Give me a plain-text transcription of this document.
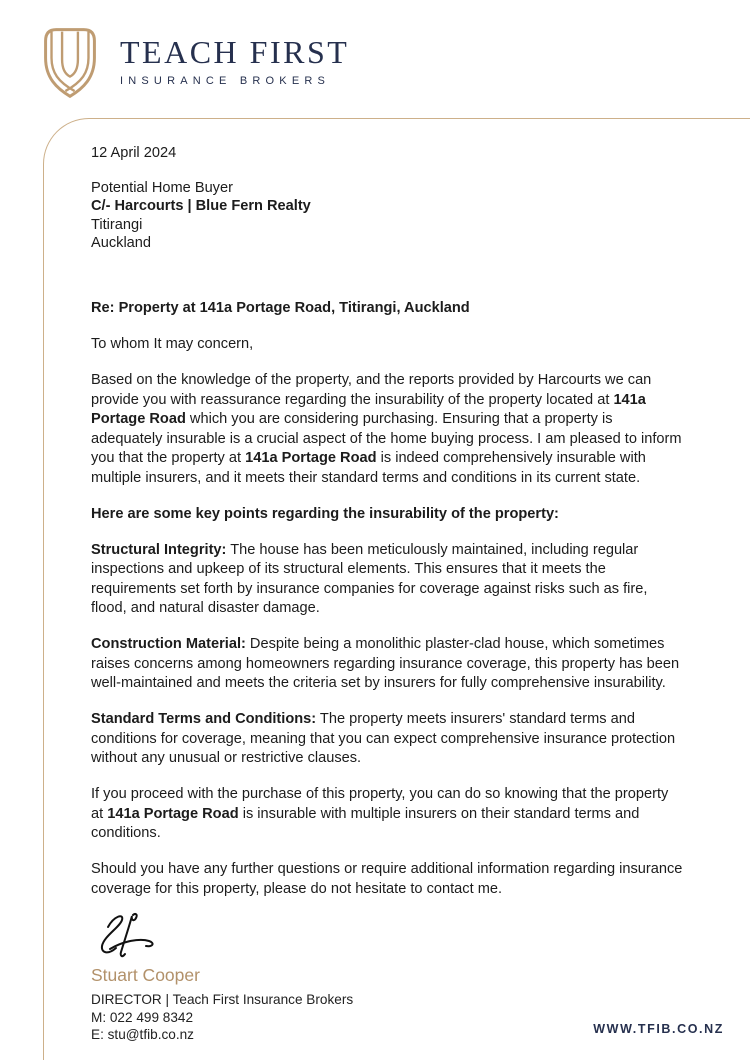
TEACH FIRST
INSURANCE BROKERS
12 April 2024
Potential Home Buyer
C/- Harcourts | Blue Fern Realty
Titirangi
Auckland
Re: Property at 141a Portage Road, Titirangi, Auckland
To whom It may concern,

Based on the knowledge of the property, and the reports provided by Harcourts we can provide you with reassurance regarding the insurability of the property located at 141a Portage Road which you are considering purchasing. Ensuring that a property is adequately insurable is a crucial aspect of the home buying process. I am pleased to inform you that the property at 141a Portage Road is indeed comprehensively insurable with multiple insurers, and it meets their standard terms and conditions in its current state.

Here are some key points regarding the insurability of the property:

Structural Integrity: The house has been meticulously maintained, including regular inspections and upkeep of its structural elements. This ensures that it meets the requirements set forth by insurance companies for coverage against risks such as fire, flood, and natural disaster damage.

Construction Material: Despite being a monolithic plaster-clad house, which sometimes raises concerns among homeowners regarding insurance coverage, this property has been well-maintained and meets the criteria set by insurers for fully comprehensive insurability.

Standard Terms and Conditions: The property meets insurers' standard terms and conditions for coverage, meaning that you can expect comprehensive insurance protection without any unusual or restrictive clauses.

If you proceed with the purchase of this property, you can do so knowing that the property at 141a Portage Road is insurable with multiple insurers on their standard terms and conditions.

Should you have any further questions or require additional information regarding insurance coverage for this property, please do not hesitate to contact me.

Stuart Cooper
DIRECTOR | Teach First Insurance Brokers
M: 022 499 8342
E: stu@tfib.co.nz	WWW.TFIB.CO.NZ
